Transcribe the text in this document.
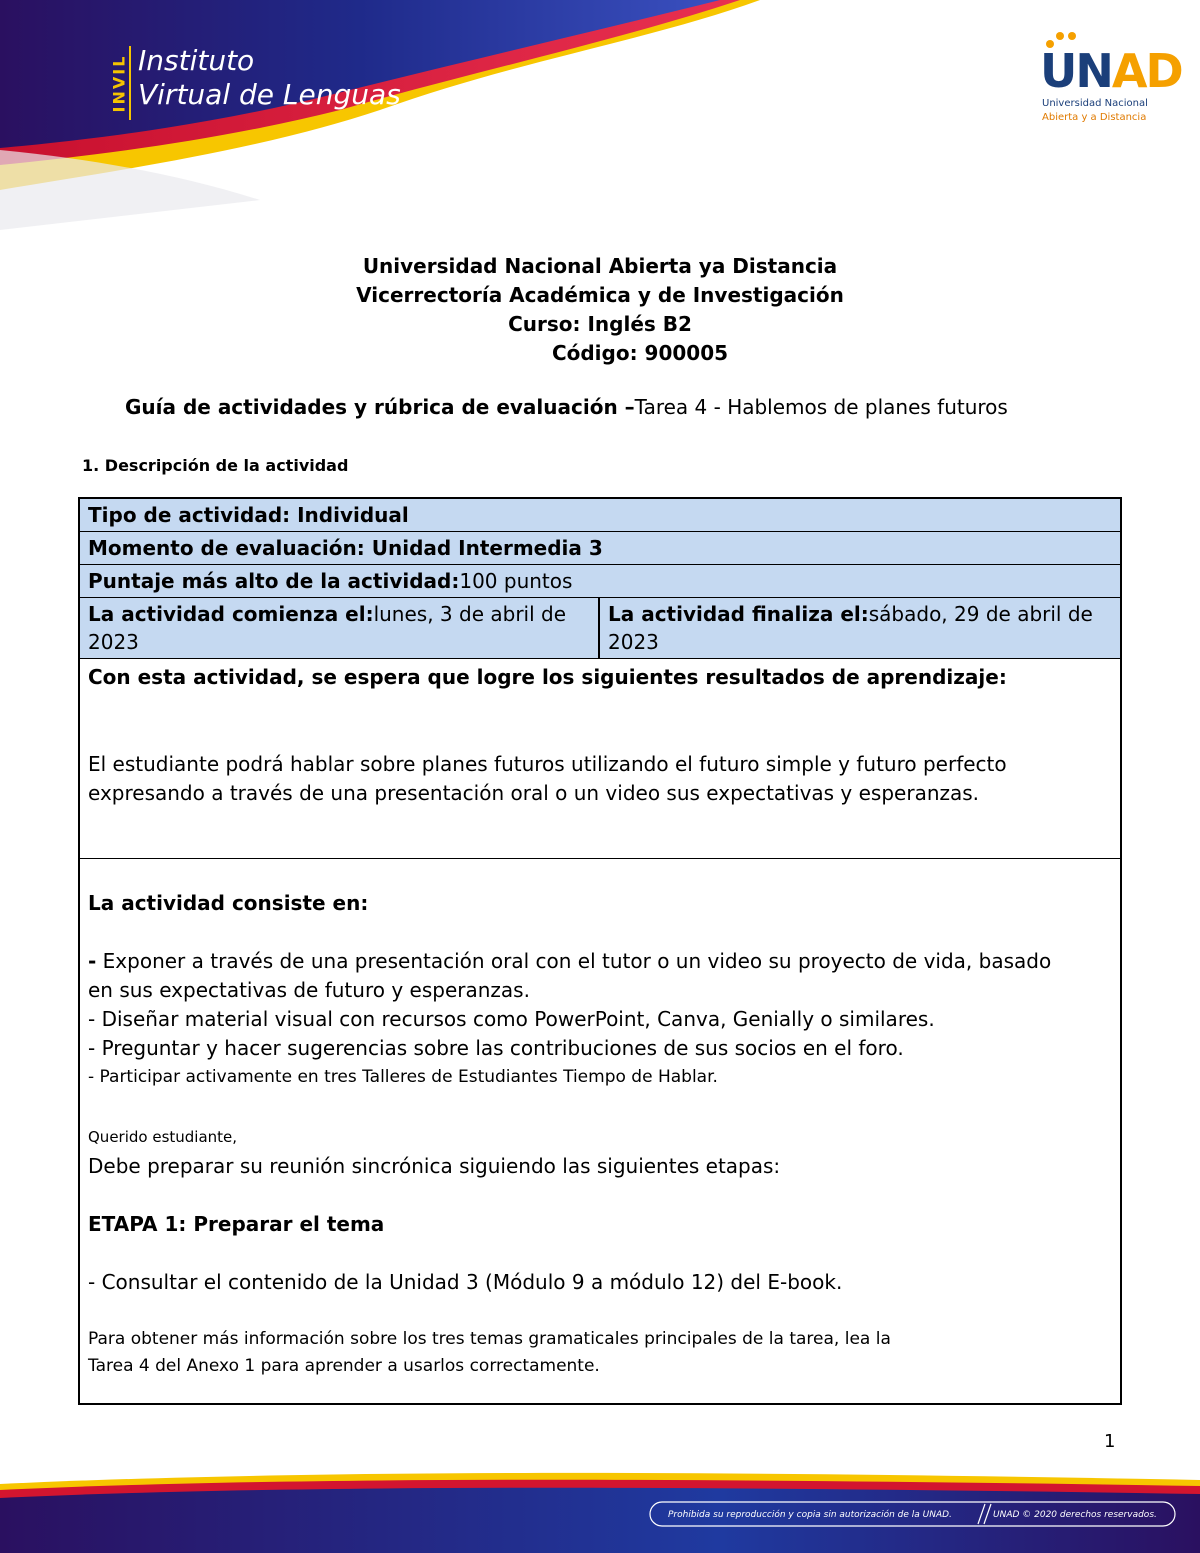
INVIL Instituto
Virtual de Lenguas	UNAD
Universidad Nacional
Abierta y a Distancia
Universidad Nacional Abierta ya Distancia
Vicerrectoría Académica y de Investigación
Curso: Inglés B2
Código: 900005
Guía de actividades y rúbrica de evaluación –Tarea 4 - Hablemos de planes futuros
1. Descripción de la actividad
Tipo de actividad: Individual
Momento de evaluación: Unidad Intermedia 3
Puntaje más alto de la actividad:100 puntos
La actividad comienza el:lunes, 3 de abril de 2023
La actividad finaliza el:sábado, 29 de abril de 2023
Con esta actividad, se espera que logre los siguientes resultados de aprendizaje:
El estudiante podrá hablar sobre planes futuros utilizando el futuro simple y futuro perfecto
expresando a través de una presentación oral o un video sus expectativas y esperanzas.
La actividad consiste en:

- Exponer a través de una presentación oral con el tutor o un video su proyecto de vida, basado
en sus expectativas de futuro y esperanzas.
- Diseñar material visual con recursos como PowerPoint, Canva, Genially o similares.
- Preguntar y hacer sugerencias sobre las contribuciones de sus socios en el foro.
- Participar activamente en tres Talleres de Estudiantes Tiempo de Hablar.

Querido estudiante,
Debe preparar su reunión sincrónica siguiendo las siguientes etapas:

ETAPA 1: Preparar el tema

- Consultar el contenido de la Unidad 3 (Módulo 9 a módulo 12) del E-book.

Para obtener más información sobre los tres temas gramaticales principales de la tarea, lea la
Tarea 4 del Anexo 1 para aprender a usarlos correctamente.
1
Prohibida su reproducción y copia sin autorización de la UNAD.	UNAD © 2020 derechos reservados.
